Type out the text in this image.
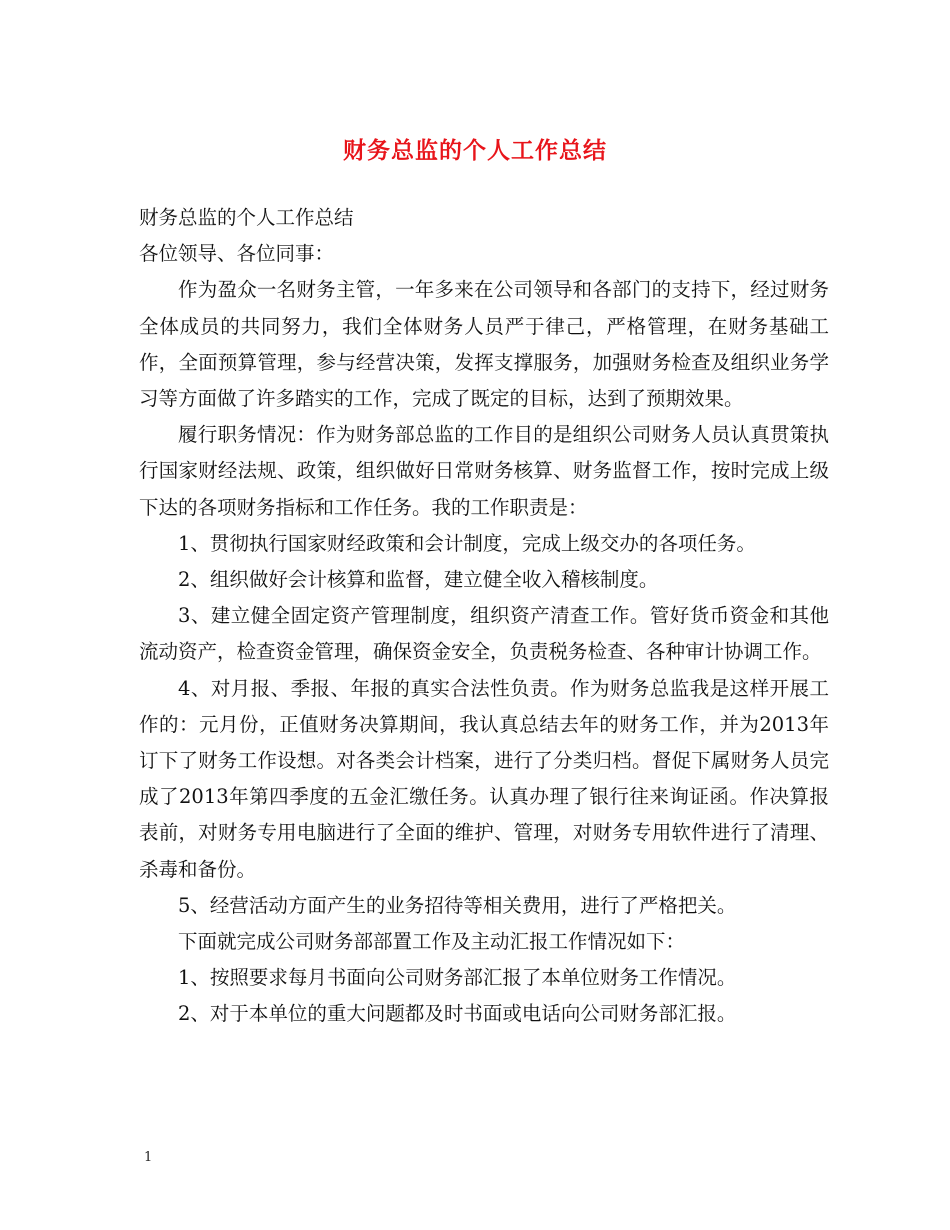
财务总监的个人工作总结

财务总监的个人工作总结

各位领导、各位同事：

作为盈众一名财务主管，一年多来在公司领导和各部门的支持下，经过财务全体成员的共同努力，我们全体财务人员严于律己，严格管理，在财务基础工作，全面预算管理，参与经营决策，发挥支撑服务，加强财务检查及组织业务学习等方面做了许多踏实的工作，完成了既定的目标，达到了预期效果。

履行职务情况：作为财务部总监的工作目的是组织公司财务人员认真贯策执行国家财经法规、政策，组织做好日常财务核算、财务监督工作，按时完成上级下达的各项财务指标和工作任务。我的工作职责是：

1、贯彻执行国家财经政策和会计制度，完成上级交办的各项任务。

2、组织做好会计核算和监督，建立健全收入稽核制度。

3、建立健全固定资产管理制度，组织资产清查工作。管好货币资金和其他流动资产，检查资金管理，确保资金安全，负责税务检查、各种审计协调工作。

4、对月报、季报、年报的真实合法性负责。作为财务总监我是这样开展工作的：元月份，正值财务决算期间，我认真总结去年的财务工作，并为2013年订下了财务工作设想。对各类会计档案，进行了分类归档。督促下属财务人员完成了2013年第四季度的五金汇缴任务。认真办理了银行往来询证函。作决算报表前，对财务专用电脑进行了全面的维护、管理，对财务专用软件进行了清理、杀毒和备份。

5、经营活动方面产生的业务招待等相关费用，进行了严格把关。

下面就完成公司财务部部置工作及主动汇报工作情况如下：

1、按照要求每月书面向公司财务部汇报了本单位财务工作情况。

2、对于本单位的重大问题都及时书面或电话向公司财务部汇报。

1
